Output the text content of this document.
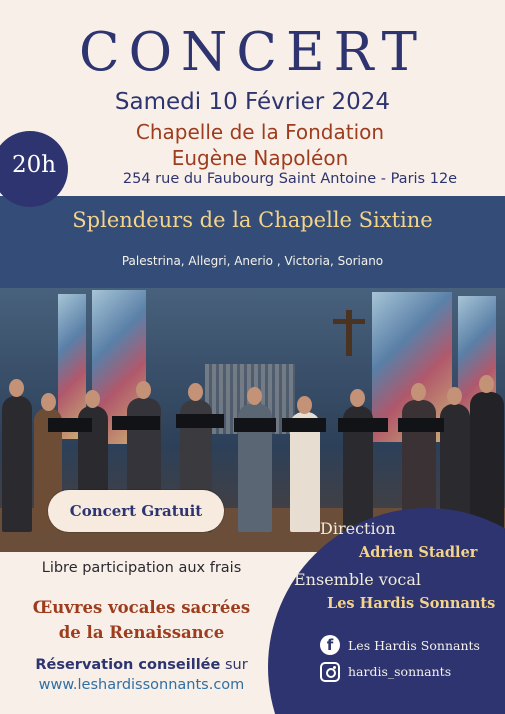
CONCERT
Samedi 10 Février 2024
Chapelle de la Fondation
Eugène Napoléon
254 rue du Faubourg Saint Antoine - Paris 12e
Splendeurs de la Chapelle Sixtine
Palestrina, Allegri, Anerio , Victoria, Soriano
20h
Concert Gratuit
Direction
Adrien Stadler
Ensemble vocal
Les Hardis Sonnants
f	Les Hardis Sonnants
hardis_sonnants
Libre participation aux frais
Œuvres vocales sacrées
de la Renaissance
Réservation conseillée sur
www.leshardissonnants.com
